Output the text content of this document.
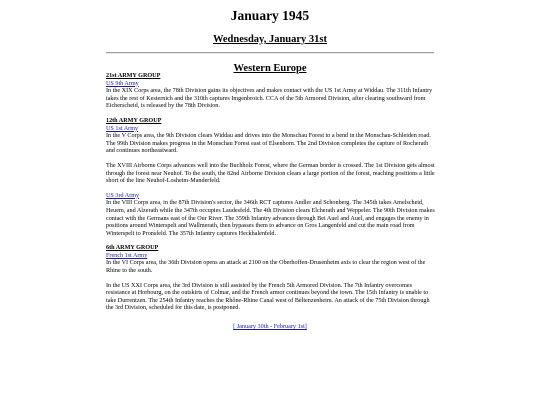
January 1945
Wednesday, January 31st
Western Europe
21st ARMY GROUP
US 9th Army

In the XIX Corps area, the 78th Division gains its objectives and makes contact with the US 1st Army at Widdau. The 311th Infantry takes the rest of Kesternich and the 310th captures Imgenbroich. CCA of the 5th Armored Division, after clearing southward from Eicherscheid, is released by the 78th Division.

12th ARMY GROUP
US 1st Army

In the V Corps area, the 9th Division clears Widdau and drives into the Monschau Forest to a bend in the Monschau-Schleiden road. The 99th Division makes progress in the Monschau Forest east of Elsenborn. The 2nd Division completes the capture of Rocherath and continues northeastward.

The XVIII Airborne Corps advances well into the Buchholz Forest, where the German border is crossed. The 1st Division gets almost through the forest near Neuhof. To the south, the 82nd Airborne Division clears a large portion of the forest, reaching positions a little short of the line Neuhof-Losheim-Manderfeld.

US 3rd Army

In the VIII Corps area, in the 87th Division's sector, the 346th RCT captures Andler and Schonberg. The 345th takes Amelscheid, Heuem, and Alzerath while the 347th occupies Laudesfeld. The 4th Division clears Elcherath and Weppeler. The 90th Division makes contact with the Germans east of the Our River. The 359th Infantry advances through Bei Auel and Auel, and engages the enemy in positions around Winterspelt and Wallmerath, then bypasses them to advance on Gros Langenfeld and cut the main road from Winterspelt to Pronsfeld. The 357th Infantry captures Heckhalenfeld.

6th ARMY GROUP
French 1st Army

In the VI Corps area, the 36th Division opens an attack at 2100 on the Oberhoffen-Drusenheim axis to clear the region west of the Rhine to the south.

In the US XXI Corps area, the 3rd Division is still assisted by the French 5th Armored Division. The 7th Infantry overcomes resistance at Horbourg, on the outskirts of Colmar, and the French armor continues beyond the town. The 15th Infantry is unable to take Durrentzen. The 254th Infantry reaches the Rhône-Rhine Canal west of Beltenzenheim. An attack of the 75th Division through the 3rd Division, scheduled for this date, is postponed.

[ January 30th - February 1st]
